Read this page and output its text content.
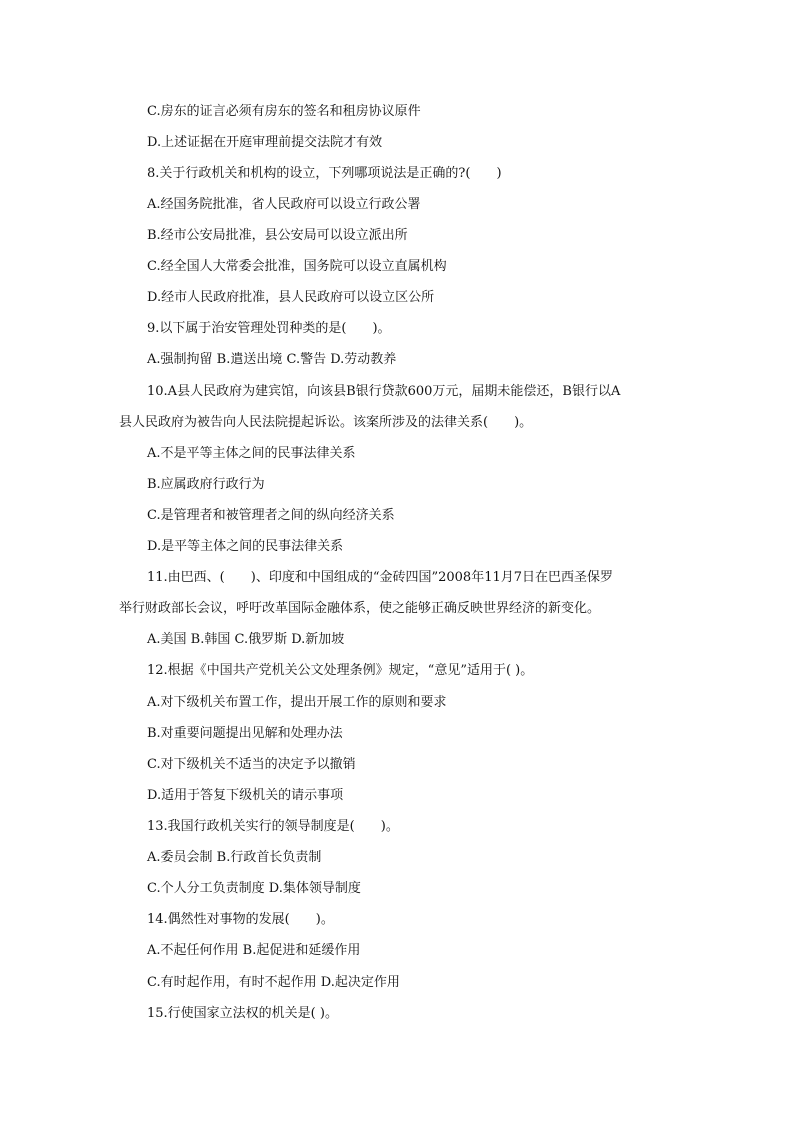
C.房东的证言必须有房东的签名和租房协议原件
D.上述证据在开庭审理前提交法院才有效
8.关于行政机关和机构的设立，下列哪项说法是正确的?(　　)
A.经国务院批准，省人民政府可以设立行政公署
B.经市公安局批准，县公安局可以设立派出所
C.经全国人大常委会批准，国务院可以设立直属机构
D.经市人民政府批准，县人民政府可以设立区公所
9.以下属于治安管理处罚种类的是(　　)。
A.强制拘留 B.遣送出境 C.警告 D.劳动教养
10.A县人民政府为建宾馆，向该县B银行贷款600万元，届期未能偿还，B银行以A
县人民政府为被告向人民法院提起诉讼。该案所涉及的法律关系(　　)。
A.不是平等主体之间的民事法律关系
B.应属政府行政行为
C.是管理者和被管理者之间的纵向经济关系
D.是平等主体之间的民事法律关系
11.由巴西、(　　)、印度和中国组成的“金砖四国”2008年11月7日在巴西圣保罗
举行财政部长会议，呼吁改革国际金融体系，使之能够正确反映世界经济的新变化。
A.美国 B.韩国 C.俄罗斯 D.新加坡
12.根据《中国共产党机关公文处理条例》规定，“意见”适用于( )。
A.对下级机关布置工作，提出开展工作的原则和要求
B.对重要问题提出见解和处理办法
C.对下级机关不适当的决定予以撤销
D.适用于答复下级机关的请示事项
13.我国行政机关实行的领导制度是(　　)。
A.委员会制 B.行政首长负责制
C.个人分工负责制度 D.集体领导制度
14.偶然性对事物的发展(　　)。
A.不起任何作用 B.起促进和延缓作用
C.有时起作用，有时不起作用 D.起决定作用
15.行使国家立法权的机关是( )。
